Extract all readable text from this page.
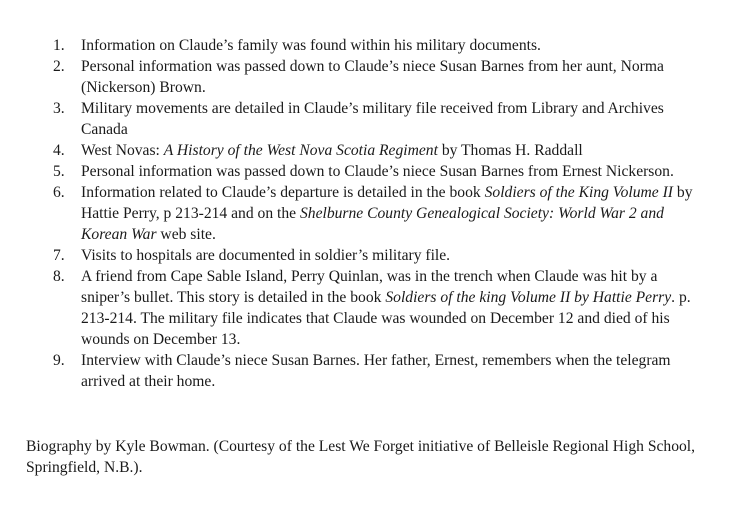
1. Information on Claude’s family was found within his military documents.
2. Personal information was passed down to Claude’s niece Susan Barnes from her aunt, Norma (Nickerson) Brown.
3. Military movements are detailed in Claude’s military file received from Library and Archives Canada
4. West Novas: A History of the West Nova Scotia Regiment by Thomas H. Raddall
5. Personal information was passed down to Claude’s niece Susan Barnes from Ernest Nickerson.
6. Information related to Claude’s departure is detailed in the book Soldiers of the King Volume II by Hattie Perry, p 213-214 and on the Shelburne County Genealogical Society: World War 2 and Korean War web site.
7. Visits to hospitals are documented in soldier’s military file.
8. A friend from Cape Sable Island, Perry Quinlan, was in the trench when Claude was hit by a sniper’s bullet. This story is detailed in the book Soldiers of the king Volume II by Hattie Perry. p. 213-214. The military file indicates that Claude was wounded on December 12 and died of his wounds on December 13.
9. Interview with Claude’s niece Susan Barnes. Her father, Ernest, remembers when the telegram arrived at their home.

Biography by Kyle Bowman. (Courtesy of the Lest We Forget initiative of Belleisle Regional High School, Springfield, N.B.).
